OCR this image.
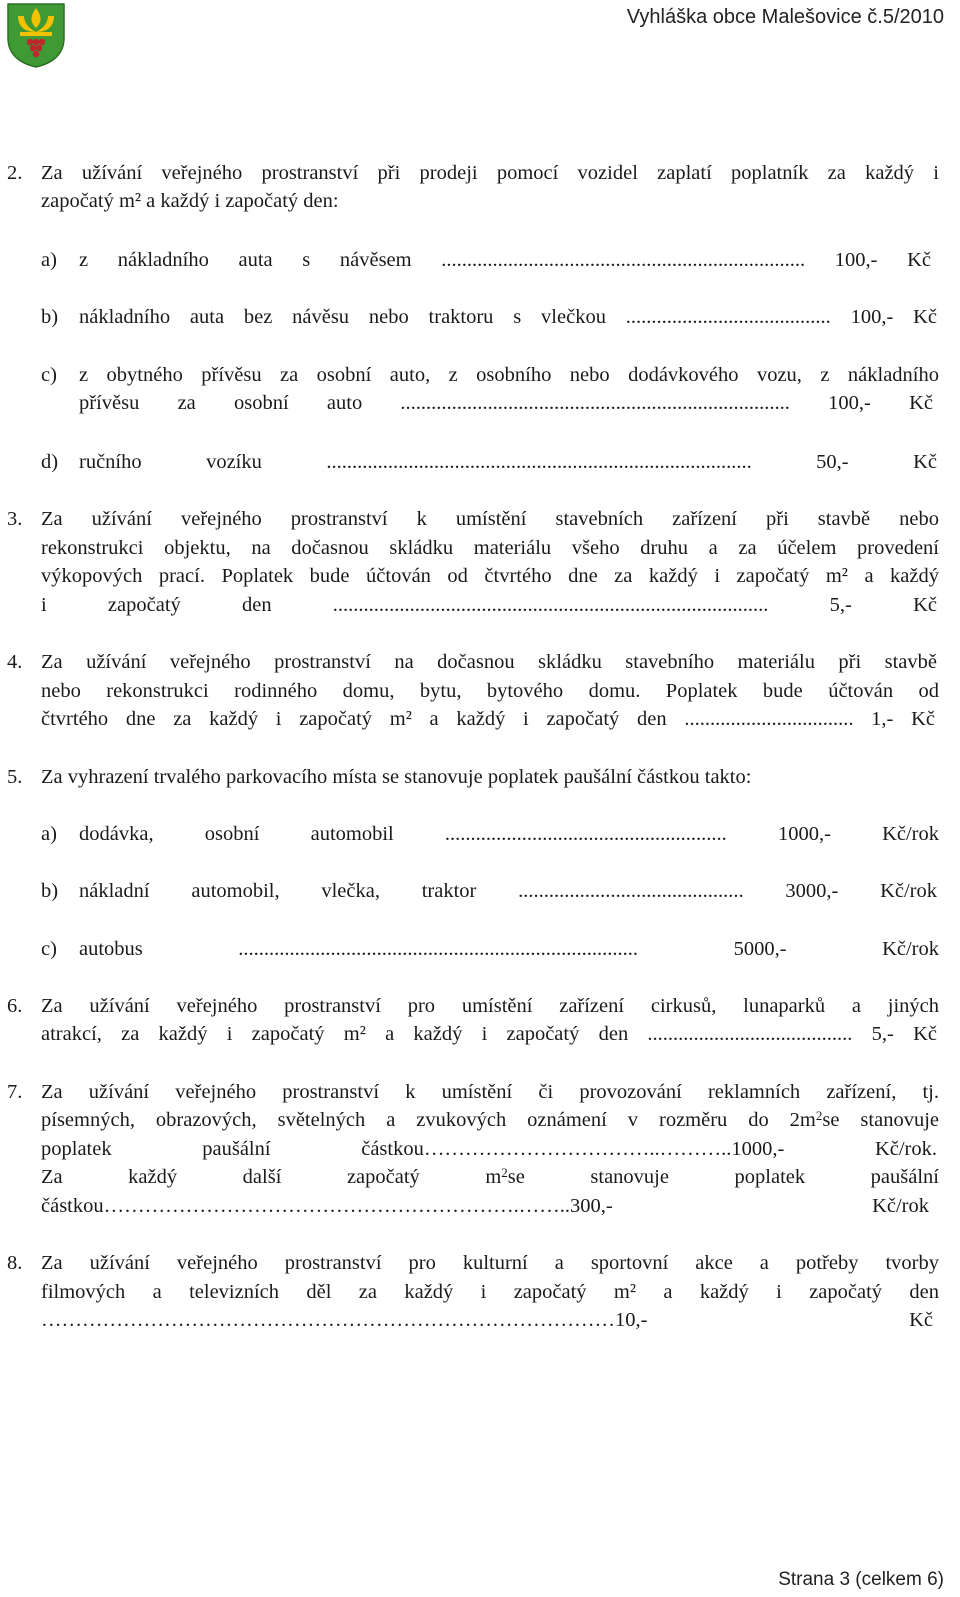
Vyhláška obce Malešovice č.5/2010
2. Za užívání veřejného prostranství při prodeji pomocí vozidel zaplatí poplatník za každý i
započatý m² a každý i započatý den:
a) z nákladního auta s návěsem ....................................................................... 100,- Kč
b) nákladního auta bez návěsu nebo traktoru s vlečkou ........................................ 100,- Kč
c) z obytného přívěsu za osobní auto, z osobního nebo dodávkového vozu, z nákladního
přívěsu za osobní auto ............................................................................ 100,- Kč
d) ručního vozíku ................................................................................... 50,- Kč
3. Za užívání veřejného prostranství k umístění stavebních zařízení při stavbě nebo
rekonstrukci objektu, na dočasnou skládku materiálu všeho druhu a za účelem provedení
výkopových prací. Poplatek bude účtován od čtvrtého dne za každý i započatý m² a každý
i započatý den ..................................................................................... 5,- Kč
4. Za užívání veřejného prostranství na dočasnou skládku stavebního materiálu při stavbě
nebo rekonstrukci rodinného domu, bytu, bytového domu. Poplatek bude účtován od
čtvrtého dne za každý i započatý m² a každý i započatý den ................................. 1,- Kč
5. Za vyhrazení trvalého parkovacího místa se stanovuje poplatek paušální částkou takto:
a) dodávka, osobní automobil ....................................................... 1000,- Kč/rok
b) nákladní automobil, vlečka, traktor ............................................ 3000,- Kč/rok
c) autobus .............................................................................. 5000,- Kč/rok
6. Za užívání veřejného prostranství pro umístění zařízení cirkusů, lunaparků a jiných
atrakcí, za každý i započatý m² a každý i započatý den ........................................ 5,- Kč
7. Za užívání veřejného prostranství k umístění či provozování reklamních zařízení, tj.
písemných, obrazových, světelných a zvukových oznámení v rozměru do $2m^2se$ stanovuje
poplatek paušální částkou……………………………..………..1000,- Kč/rok.
Za každý další započatý $m^2se$ stanovuje poplatek paušální
částkou…………………………………………………….……..300,- Kč/rok
8. Za užívání veřejného prostranství pro kulturní a sportovní akce a potřeby tvorby
filmových a televizních děl za každý i započatý m² a každý i započatý den
…………………………………………………………………………10,- Kč
Strana 3 (celkem 6)
